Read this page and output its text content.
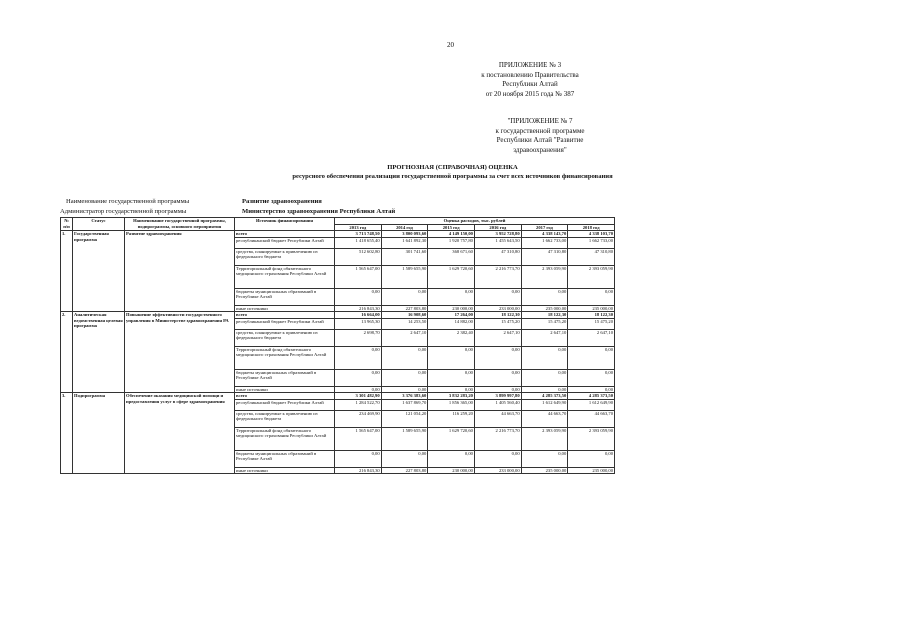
20
ПРИЛОЖЕНИЕ № 3
к постановлению Правительства
Республики Алтай
от 20 ноября 2015 года № 387
"ПРИЛОЖЕНИЕ № 7
к государственной программе
Республики Алтай "Развитие
здравоохранения"
ПРОГНОЗНАЯ (СПРАВОЧНАЯ) ОЦЕНКА
ресурсного обеспечения реализации государственной программы за счет всех источников финансирования
Наименование государственной программы	Развитие здравоохранения
Администратор государственной программы	Министерство здравоохранения Республики Алтай
№ п/п	Статус	Наименование государственной программы, подпрограммы, основного мероприятия	Источник финансирования	Оценка расходов, тыс. рублей					
				2013 год	2014 год	2015 год	2016 год	2017 год	2018 год
1.	Государственная программа	Развитие здравоохранения	всего	3 713 748,50	3 800 093,60	4 149 150,00	3 952 728,80	4 338 143,70	4 338 103,70
			республиканский бюджет Республики Алтай	1 418 655,40	1 641 892,30	1 920 757,80	1 455 643,50	1 662 733,00	1 662 733,00
			средства, планируемые к привлечению из федерального бюджета	512 602,80	301 741,60	368 671,60	47 310,80	47 310,80	47 310,80
			Территориальный фонд обязательного медицинского страхования Республики Алтай	1 565 647,00	1 589 655,90	1 629 720,60	2 216 773,70	2 393 059,90	2 393 059,90
			бюджеты муниципальных образований в Республике Алтай	0,00	0,00	0,00	0,00	0,00	0,00
			иные источники	216 843,30	227 803,80	230 000,00	233 000,00	235 000,00	235 000,00
2.	Аналитическая ведомственная целевая программа	Повышение эффективности государственного управления в Министерстве здравоохранения РА	всего	16 664,00	16 908,60	17 264,00	18 122,30	18 122,30	18 122,30
			республиканский бюджет Республики Алтай	13 965,30	14 253,50	14 882,00	15 475,20	15 475,20	15 475,20
			средства, планируемые к привлечению из федерального бюджета	2 698,70	2 647,10	2 382,40	2 647,10	2 647,10	2 647,10
			Территориальный фонд обязательного медицинского страхования Республики Алтай	0,00	0,00	0,00	0,00	0,00	0,00
			бюджеты муниципальных образований в Республике Алтай	0,00	0,00	0,00	0,00	0,00	0,00
			иные источники	0,00	0,00	0,00	0,00	0,00	0,00
3.	Подпрограмма	Обеспечение оказания медицинской помощи и предоставления услуг в сфере здравоохранения	всего	3 301 482,90	3 376 383,60	3 832 283,20	3 899 997,80	4 285 373,50	4 285 373,50
			республиканский бюджет Республики Алтай	1 284 522,70	1 637 869,70	1 856 365,00	1 405 560,40	1 612 649,90	1 612 649,90
			средства, планируемые к привлечению из федерального бюджета	234 469,90	121 054,20	116 259,20	44 663,70	44 663,70	44 663,70
			Территориальный фонд обязательного медицинского страхования Республики Алтай	1 565 647,00	1 589 655,90	1 629 720,60	2 216 773,70	2 393 059,90	2 393 059,90
			бюджеты муниципальных образований в Республике Алтай	0,00	0,00	0,00	0,00	0,00	0,00
			иные источники	216 843,30	227 803,80	230 000,00	233 000,00	235 000,00	235 000,00
